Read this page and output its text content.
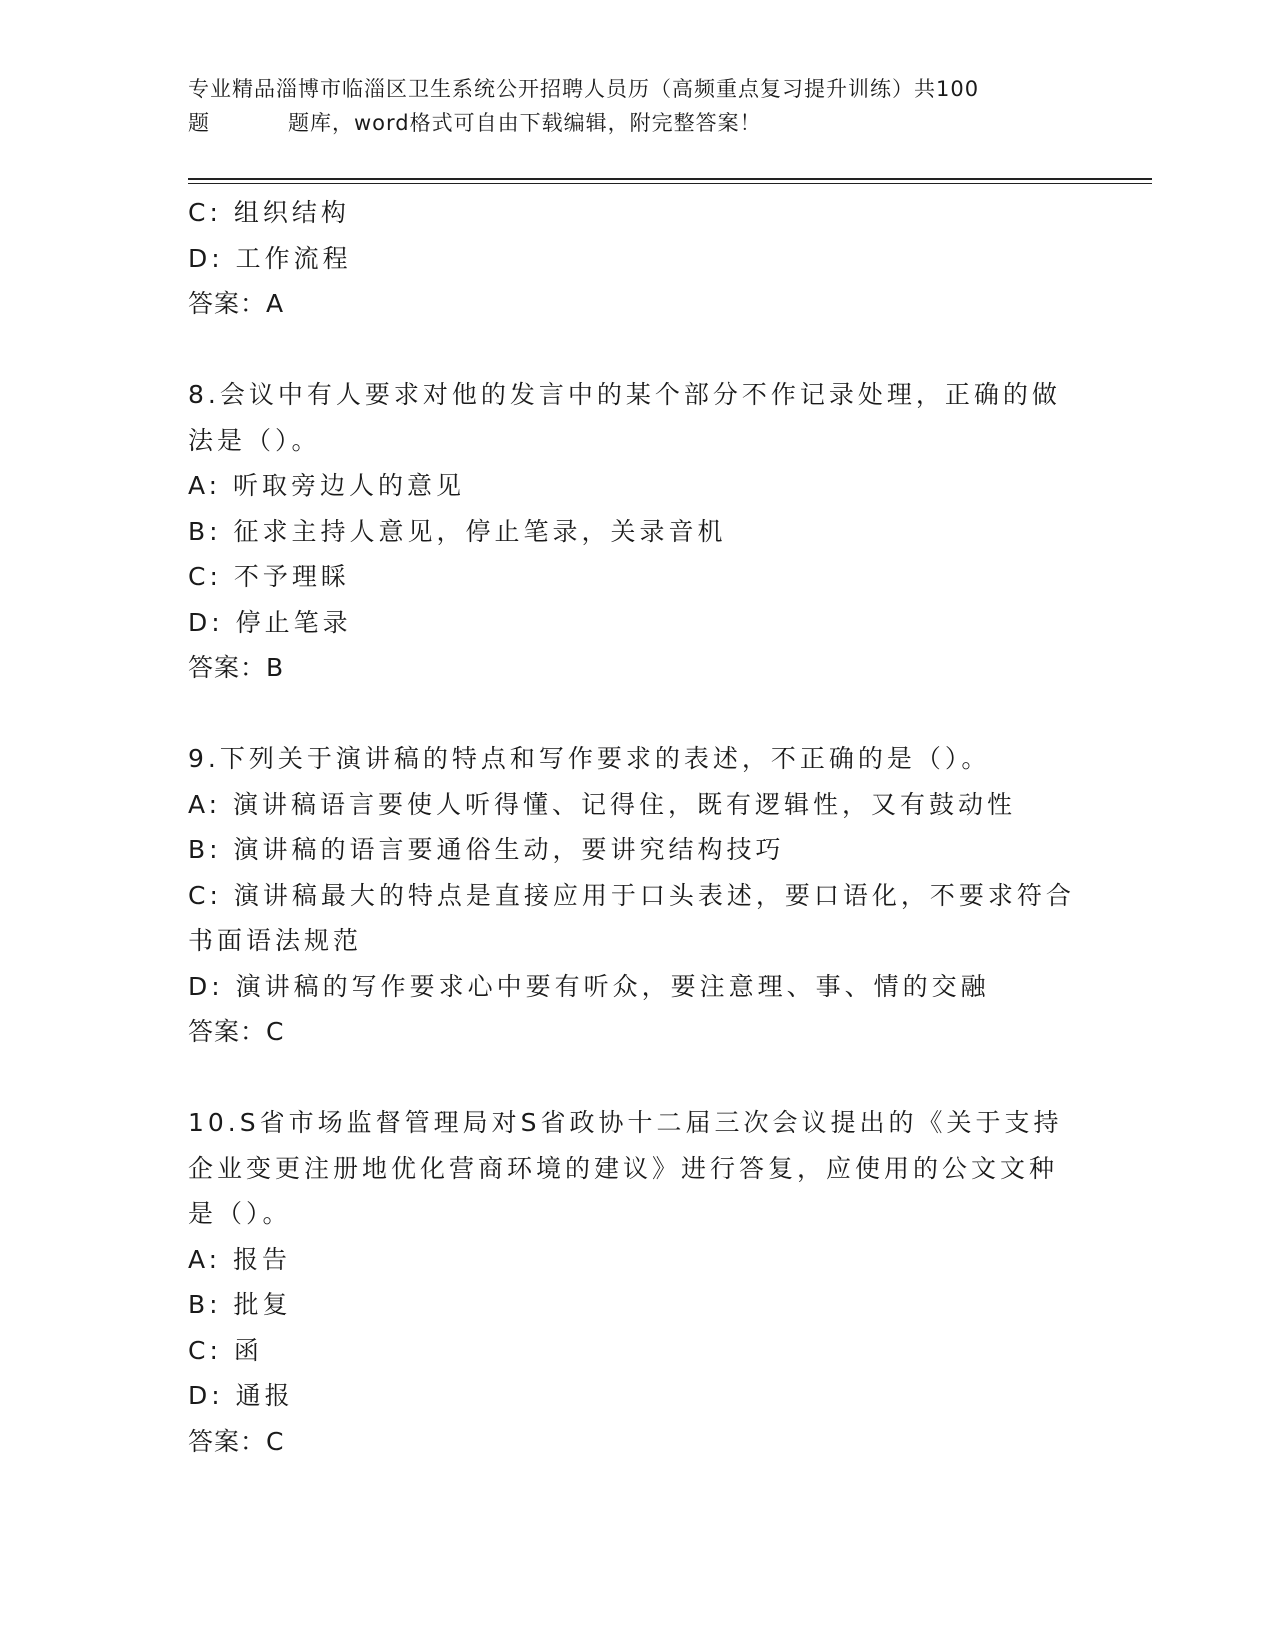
专业精品淄博市临淄区卫生系统公开招聘人员历（高频重点复习提升训练）共100
题	题库，word格式可自由下载编辑，附完整答案！
C: 组织结构
D: 工作流程
答案：A
8.会议中有人要求对他的发言中的某个部分不作记录处理，正确的做
法是（）。
A: 听取旁边人的意见
B: 征求主持人意见，停止笔录，关录音机
C: 不予理睬
D: 停止笔录
答案：B
9.下列关于演讲稿的特点和写作要求的表述，不正确的是（）。
A: 演讲稿语言要使人听得懂、记得住，既有逻辑性，又有鼓动性
B: 演讲稿的语言要通俗生动，要讲究结构技巧
C: 演讲稿最大的特点是直接应用于口头表述，要口语化，不要求符合
书面语法规范
D: 演讲稿的写作要求心中要有听众，要注意理、事、情的交融
答案：C
10.S省市场监督管理局对S省政协十二届三次会议提出的《关于支持
企业变更注册地优化营商环境的建议》进行答复，应使用的公文文种
是（）。
A: 报告
B: 批复
C: 函
D: 通报
答案：C
